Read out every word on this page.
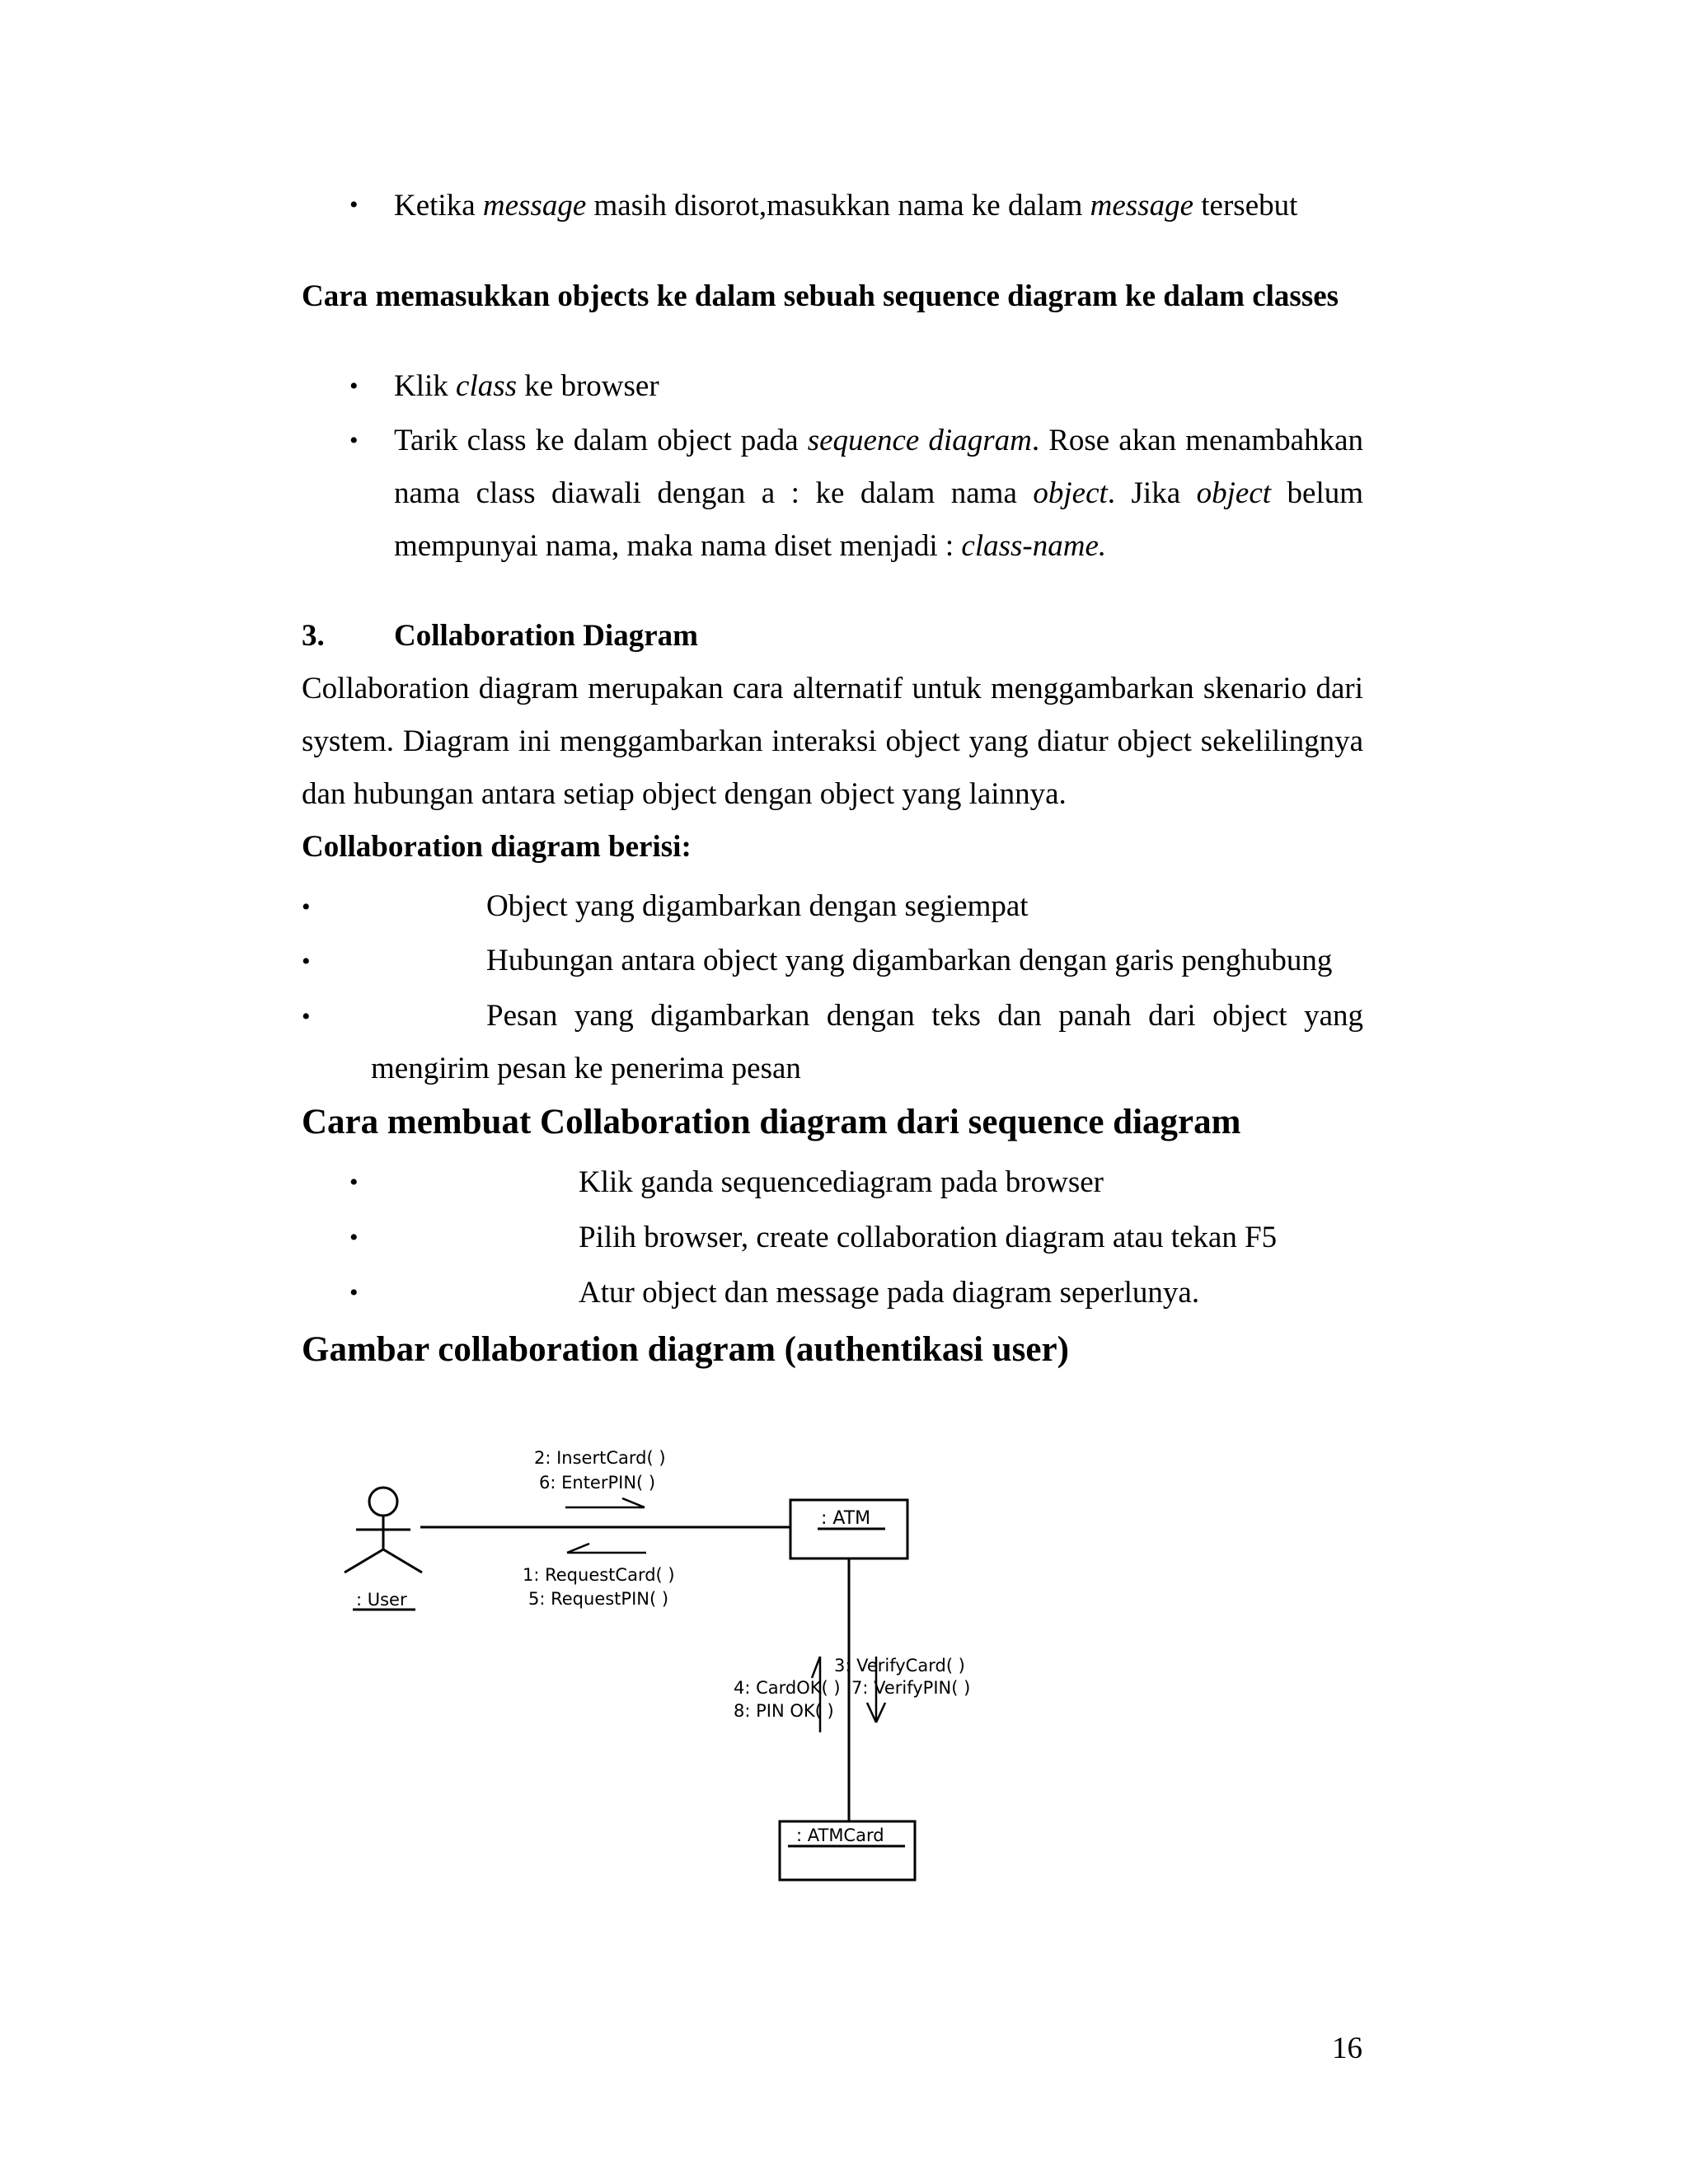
• Ketika message masih disorot,masukkan nama ke dalam message tersebut
Cara memasukkan objects ke dalam sebuah sequence diagram ke dalam classes
• Klik class ke browser
• Tarik class ke dalam object pada sequence diagram. Rose akan menambahkan
nama class diawali dengan a : ke dalam nama object. Jika object belum
mempunyai nama, maka nama diset menjadi : class-name.
3. Collaboration Diagram
Collaboration diagram merupakan cara alternatif untuk menggambarkan skenario dari
system. Diagram ini menggambarkan interaksi object yang diatur object sekelilingnya
dan hubungan antara setiap object dengan object yang lainnya.
Collaboration diagram berisi:
•	Object yang digambarkan dengan segiempat
•	Hubungan antara object yang digambarkan dengan garis penghubung
•	Pesan yang digambarkan dengan teks dan panah dari object yang
mengirim pesan ke penerima pesan
Cara membuat Collaboration diagram dari sequence diagram
•	Klik ganda sequencediagram pada browser
•	Pilih browser, create collaboration diagram atau tekan F5
•	Atur object dan message pada diagram seperlunya.
Gambar collaboration diagram (authentikasi user)
: User
: ATM
2: InsertCard( )
6: EnterPIN( )
1: RequestCard( )
5: RequestPIN( )
3: VerifyCard( )
7: VerifyPIN( )
4: CardOK( )
8: PIN OK( )
: ATMCard
16
